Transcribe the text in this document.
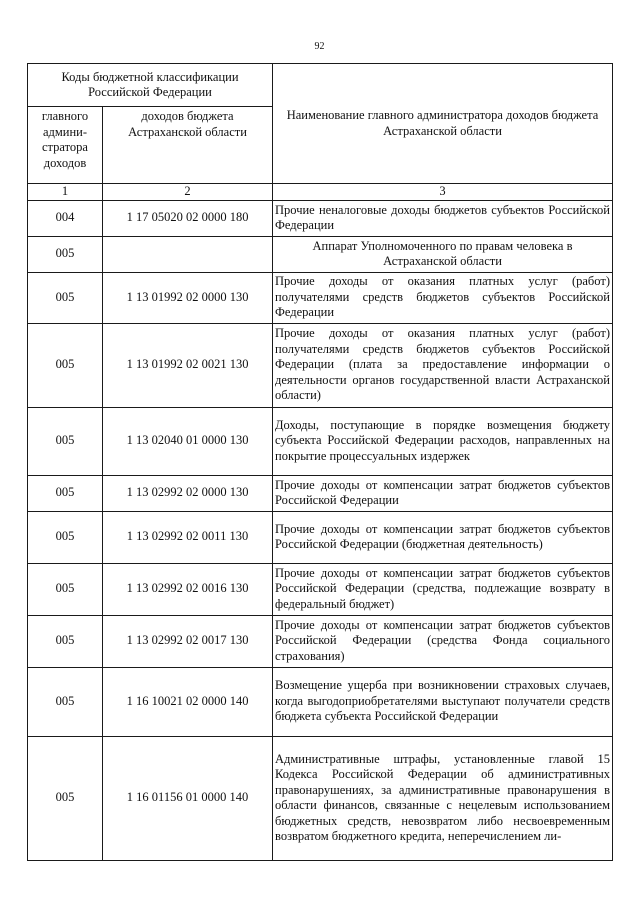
92
Коды бюджетной классификации Российской Федерации		Наименование главного администратора доходов бюджета Астраханской области
главного админи-стратора доходов	доходов бюджета Астраханской области	
1	2	3
004	1 17 05020 02 0000 180	Прочие неналоговые доходы бюджетов субъектов Российской Федерации
005		Аппарат Уполномоченного по правам человека в Астраханской области
005	1 13 01992 02 0000 130	Прочие доходы от оказания платных услуг (работ) получателями средств бюджетов субъектов Российской Федерации
005	1 13 01992 02 0021 130	Прочие доходы от оказания платных услуг (работ) получателями средств бюджетов субъектов Российской Федерации (плата за предоставление информации о деятельности органов государственной власти Астраханской области)
005	1 13 02040 01 0000 130	Доходы, поступающие в порядке возмещения бюджету субъекта Российской Федерации расходов, направленных на покрытие процессуальных издержек
005	1 13 02992 02 0000 130	Прочие доходы от компенсации затрат бюджетов субъектов Российской Федерации
005	1 13 02992 02 0011 130	Прочие доходы от компенсации затрат бюджетов субъектов Российской Федерации (бюджетная деятельность)
005	1 13 02992 02 0016 130	Прочие доходы от компенсации затрат бюджетов субъектов Российской Федерации (средства, подлежащие возврату в федеральный бюджет)
005	1 13 02992 02 0017 130	Прочие доходы от компенсации затрат бюджетов субъектов Российской Федерации (средства Фонда социального страхования)
005	1 16 10021 02 0000 140	Возмещение ущерба при возникновении страховых случаев, когда выгодоприобретателями выступают получатели средств бюджета субъекта Российской Федерации
005	1 16 01156 01 0000 140	Административные штрафы, установленные главой 15 Кодекса Российской Федерации об административных правонарушениях, за административные правонарушения в области финансов, связанные с нецелевым использованием бюджетных средств, невозвратом либо несвоевременным возвратом бюджетного кредита, неперечислением ли-
